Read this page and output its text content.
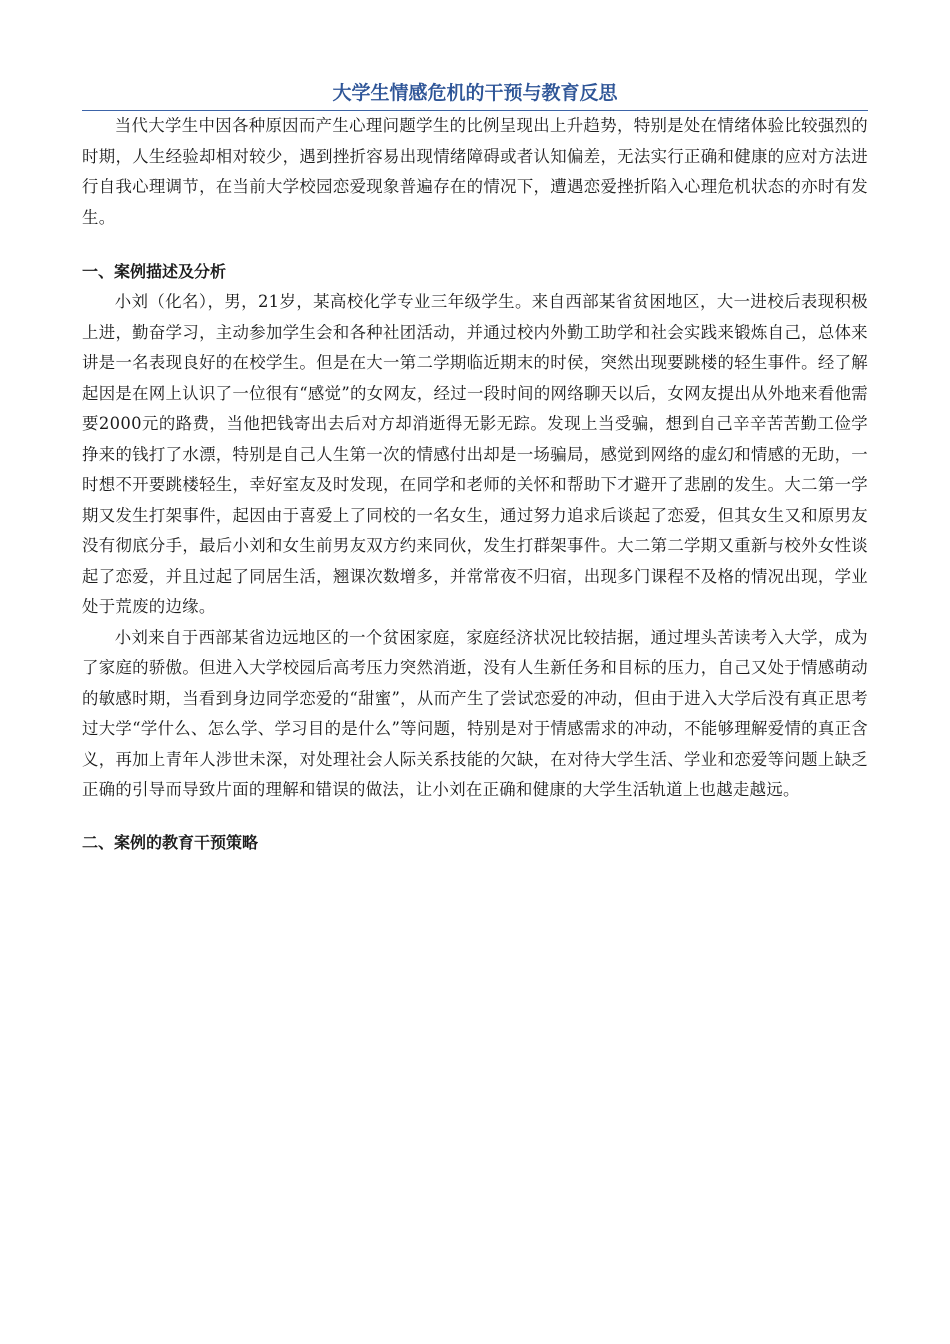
大学生情感危机的干预与教育反思

当代大学生中因各种原因而产生心理问题学生的比例呈现出上升趋势，特别是处在情绪体验比较强烈的时期，人生经验却相对较少，遇到挫折容易出现情绪障碍或者认知偏差，无法实行正确和健康的应对方法进行自我心理调节，在当前大学校园恋爱现象普遍存在的情况下，遭遇恋爱挫折陷入心理危机状态的亦时有发生。

一、案例描述及分析

小刘（化名），男，21岁，某高校化学专业三年级学生。来自西部某省贫困地区，大一进校后表现积极上进，勤奋学习，主动参加学生会和各种社团活动，并通过校内外勤工助学和社会实践来锻炼自己，总体来讲是一名表现良好的在校学生。但是在大一第二学期临近期末的时侯，突然出现要跳楼的轻生事件。经了解起因是在网上认识了一位很有“感觉”的女网友，经过一段时间的网络聊天以后，女网友提出从外地来看他需要2000元的路费，当他把钱寄出去后对方却消逝得无影无踪。发现上当受骗，想到自己辛辛苦苦勤工俭学挣来的钱打了水漂，特别是自己人生第一次的情感付出却是一场骗局，感觉到网络的虚幻和情感的无助，一时想不开要跳楼轻生，幸好室友及时发现，在同学和老师的关怀和帮助下才避开了悲剧的发生。大二第一学期又发生打架事件，起因由于喜爱上了同校的一名女生，通过努力追求后谈起了恋爱，但其女生又和原男友没有彻底分手，最后小刘和女生前男友双方约来同伙，发生打群架事件。大二第二学期又重新与校外女性谈起了恋爱，并且过起了同居生活，翘课次数增多，并常常夜不归宿，出现多门课程不及格的情况出现，学业处于荒废的边缘。

小刘来自于西部某省边远地区的一个贫困家庭，家庭经济状况比较拮据，通过埋头苦读考入大学，成为了家庭的骄傲。但进入大学校园后高考压力突然消逝，没有人生新任务和目标的压力，自己又处于情感萌动的敏感时期，当看到身边同学恋爱的“甜蜜”，从而产生了尝试恋爱的冲动，但由于进入大学后没有真正思考过大学“学什么、怎么学、学习目的是什么”等问题，特别是对于情感需求的冲动，不能够理解爱情的真正含义，再加上青年人涉世未深，对处理社会人际关系技能的欠缺，在对待大学生活、学业和恋爱等问题上缺乏正确的引导而导致片面的理解和错误的做法，让小刘在正确和健康的大学生活轨道上也越走越远。

二、案例的教育干预策略
